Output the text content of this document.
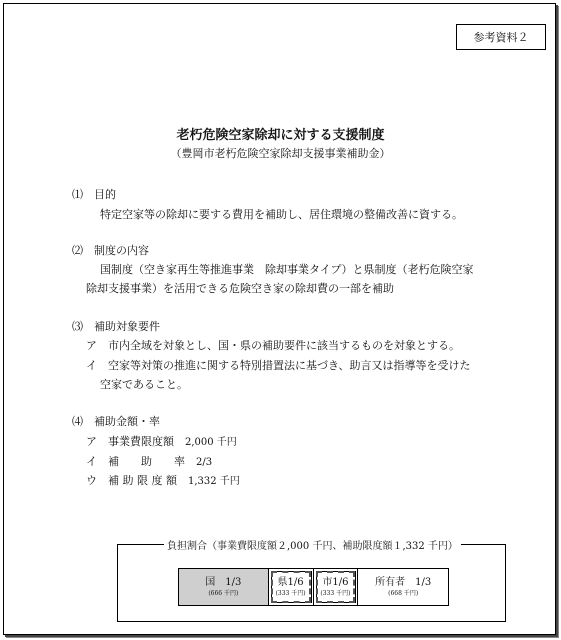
参考資料２
老朽危険空家除却に対する支援制度
（豊岡市老朽危険空家除却支援事業補助金）
⑴　 目的
特定空家等の除却に要する費用を補助し、居住環境の整備改善に資する。
⑵　 制度の内容
国制度（空き家再生等推進事業　除却事業タイプ）と県制度（老朽危険空家
除却支援事業）を活用できる危険空き家の除却費の一部を補助
⑶　 補助対象要件
ア　 市内全域を対象とし、国・県の補助要件に該当するものを対象とする。
イ　 空家等対策の推進に関する特別措置法に基づき、助言又は指導等を受けた
空家であること。
⑷　 補助金額・率
ア　 事業費限度額　 2,000 千円
イ　 補　　助　　率　 2/3
ウ　 補 助 限 度 額　 1,332 千円
負担割合（事業費限度額２,000 千円、補助限度額１,332 千円）
国　1/3
(666 千円)
県1/6
(333 千円)
市1/6
(333 千円)
所有者　1/3
(668 千円)
